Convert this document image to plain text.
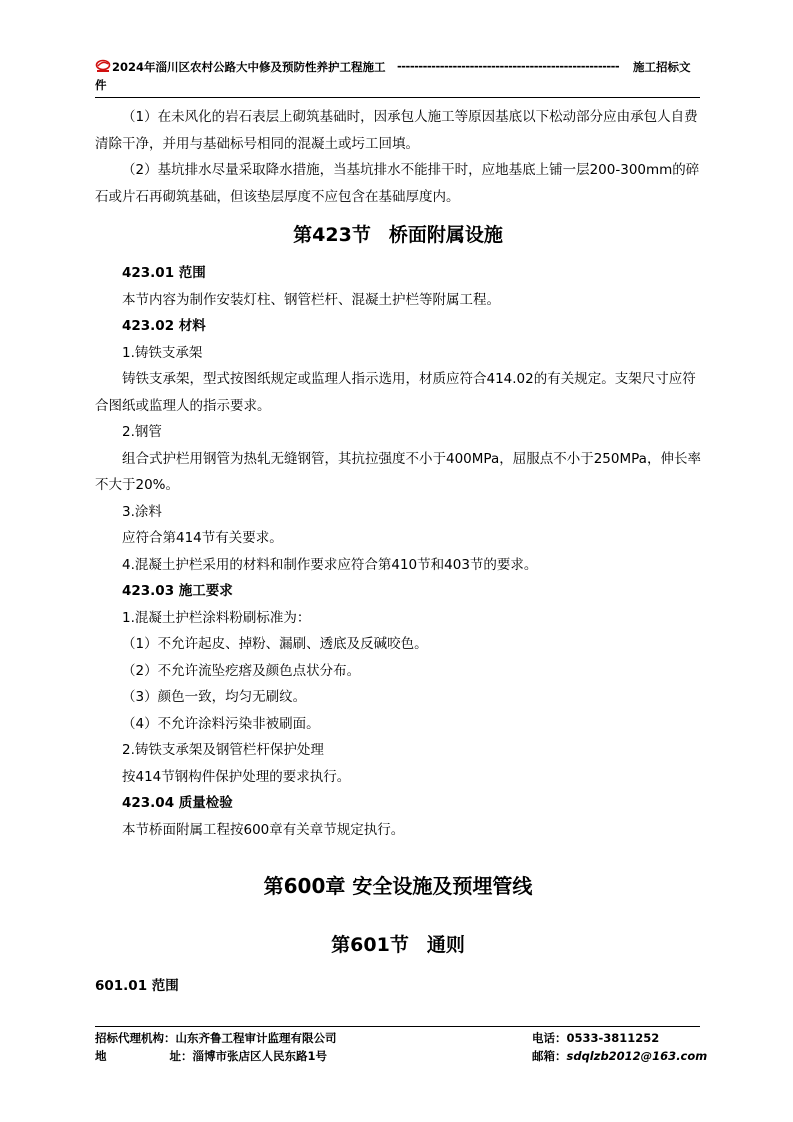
2024年淄川区农村公路大中修及预防性养护工程施工 ----------------------------------------------------	施工招标文
件

（1）在未风化的岩石表层上砌筑基础时，因承包人施工等原因基底以下松动部分应由承包人自费清除干净，并用与基础标号相同的混凝土或圬工回填。

（2）基坑排水尽量采取降水措施，当基坑排水不能排干时，应地基底上铺一层200-300mm的碎石或片石再砌筑基础，但该垫层厚度不应包含在基础厚度内。

第423节 桥面附属设施

423.01 范围

本节内容为制作安装灯柱、钢管栏杆、混凝土护栏等附属工程。

423.02 材料

1.铸铁支承架

铸铁支承架，型式按图纸规定或监理人指示选用，材质应符合414.02的有关规定。支架尺寸应符合图纸或监理人的指示要求。

2.钢管

组合式护栏用钢管为热轧无缝钢管，其抗拉强度不小于400MPa，屈服点不小于250MPa，伸长率不大于20%。

3.涂料

应符合第414节有关要求。

4.混凝土护栏采用的材料和制作要求应符合第410节和403节的要求。

423.03 施工要求

1.混凝土护栏涂料粉刷标准为：

（1）不允许起皮、掉粉、漏刷、透底及反碱咬色。

（2）不允许流坠疙瘩及颜色点状分布。

（3）颜色一致，均匀无刷纹。

（4）不允许涂料污染非被刷面。

2.铸铁支承架及钢管栏杆保护处理

按414节钢构件保护处理的要求执行。

423.04 质量检验

本节桥面附属工程按600章有关章节规定执行。

第600章 安全设施及预埋管线

第601节 通则

601.01 范围

招标代理机构：山东齐鲁工程审计监理有限公司	电话：0533-3811252
地	址：淄博市张店区人民东路1号	邮箱：sdqlzb2012@163.com
